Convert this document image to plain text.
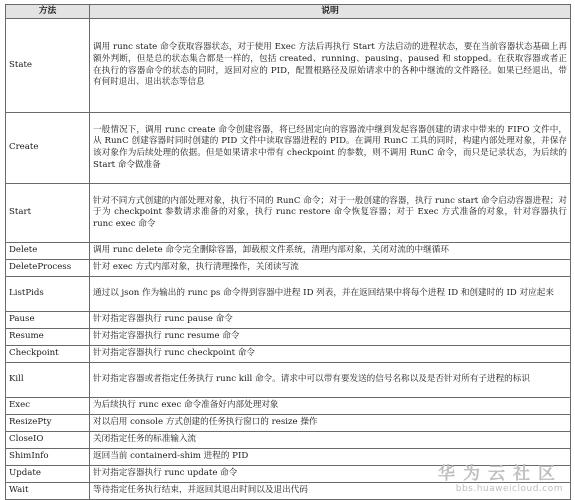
方法	说明
State	调用 runc state 命令获取容器状态，对于使用 Exec 方法后再执行 Start 方法启动的进程状态，要在当前容器状态基础上再额外判断，但是总的状态集合都是一样的，包括 created、running、pausing、paused 和 stopped。在获取容器或者正在执行的容器命令的状态的同时，返回对应的 PID，配置根路径及原始请求中的各种中继流的文件路径。如果已经退出，带有何时退出、退出状态等信息

Create	一般情况下，调用 runc create 命令创建容器，将已经固定向的容器流中继到发起容器创建的请求中带来的 FIFO 文件中，从 RunC 创建容器时同时创建的 PID 文件中读取容器进程的 PID。在调用 RunC 工具的同时，构建内部处理对象，并保存该对象作为后续处理的依据。但是如果请求中带有 checkpoint 的参数，则不调用 RunC 命令，而只是记录状态，为后续的 Start 命令做准备

Start	针对不同方式创建的内部处理对象，执行不同的 RunC 命令；对于一般创建的容器，执行 runc start 命令启动容器进程；对于为 checkpoint 参数请求准备的对象，执行 runc restore 命令恢复容器；对于 Exec 方式准备的对象，针对容器执行 runc exec 命令

Delete	调用 runc delete 命令完全删除容器，卸载根文件系统，清理内部对象，关闭对流的中继循环

DeleteProcess	针对 exec 方式内部对象，执行清理操作，关闭读写流

ListPids	通过以 json 作为输出的 runc ps 命令得到容器中进程 ID 列表，并在返回结果中将每个进程 ID 和创建时的 ID 对应起来

Pause	针对指定容器执行 runc pause 命令

Resume	针对指定容器执行 runc resume 命令

Checkpoint	针对指定容器执行 runc checkpoint 命令

Kill	针对指定容器或者指定任务执行 runc kill 命令。请求中可以带有要发送的信号名称以及是否针对所有子进程的标识

Exec	为后续执行 runc exec 命令准备好内部处理对象

ResizePty	对以启用 console 方式创建的任务执行窗口的 resize 操作

CloseIO	关闭指定任务的标准输入流

ShimInfo	返回当前 containerd-shim 进程的 PID

Update	针对指定容器执行 runc update 命令

Wait	等待指定任务执行结束，并返回其退出时间以及退出代码
华为云社区
bbs.huaweicloud.com
